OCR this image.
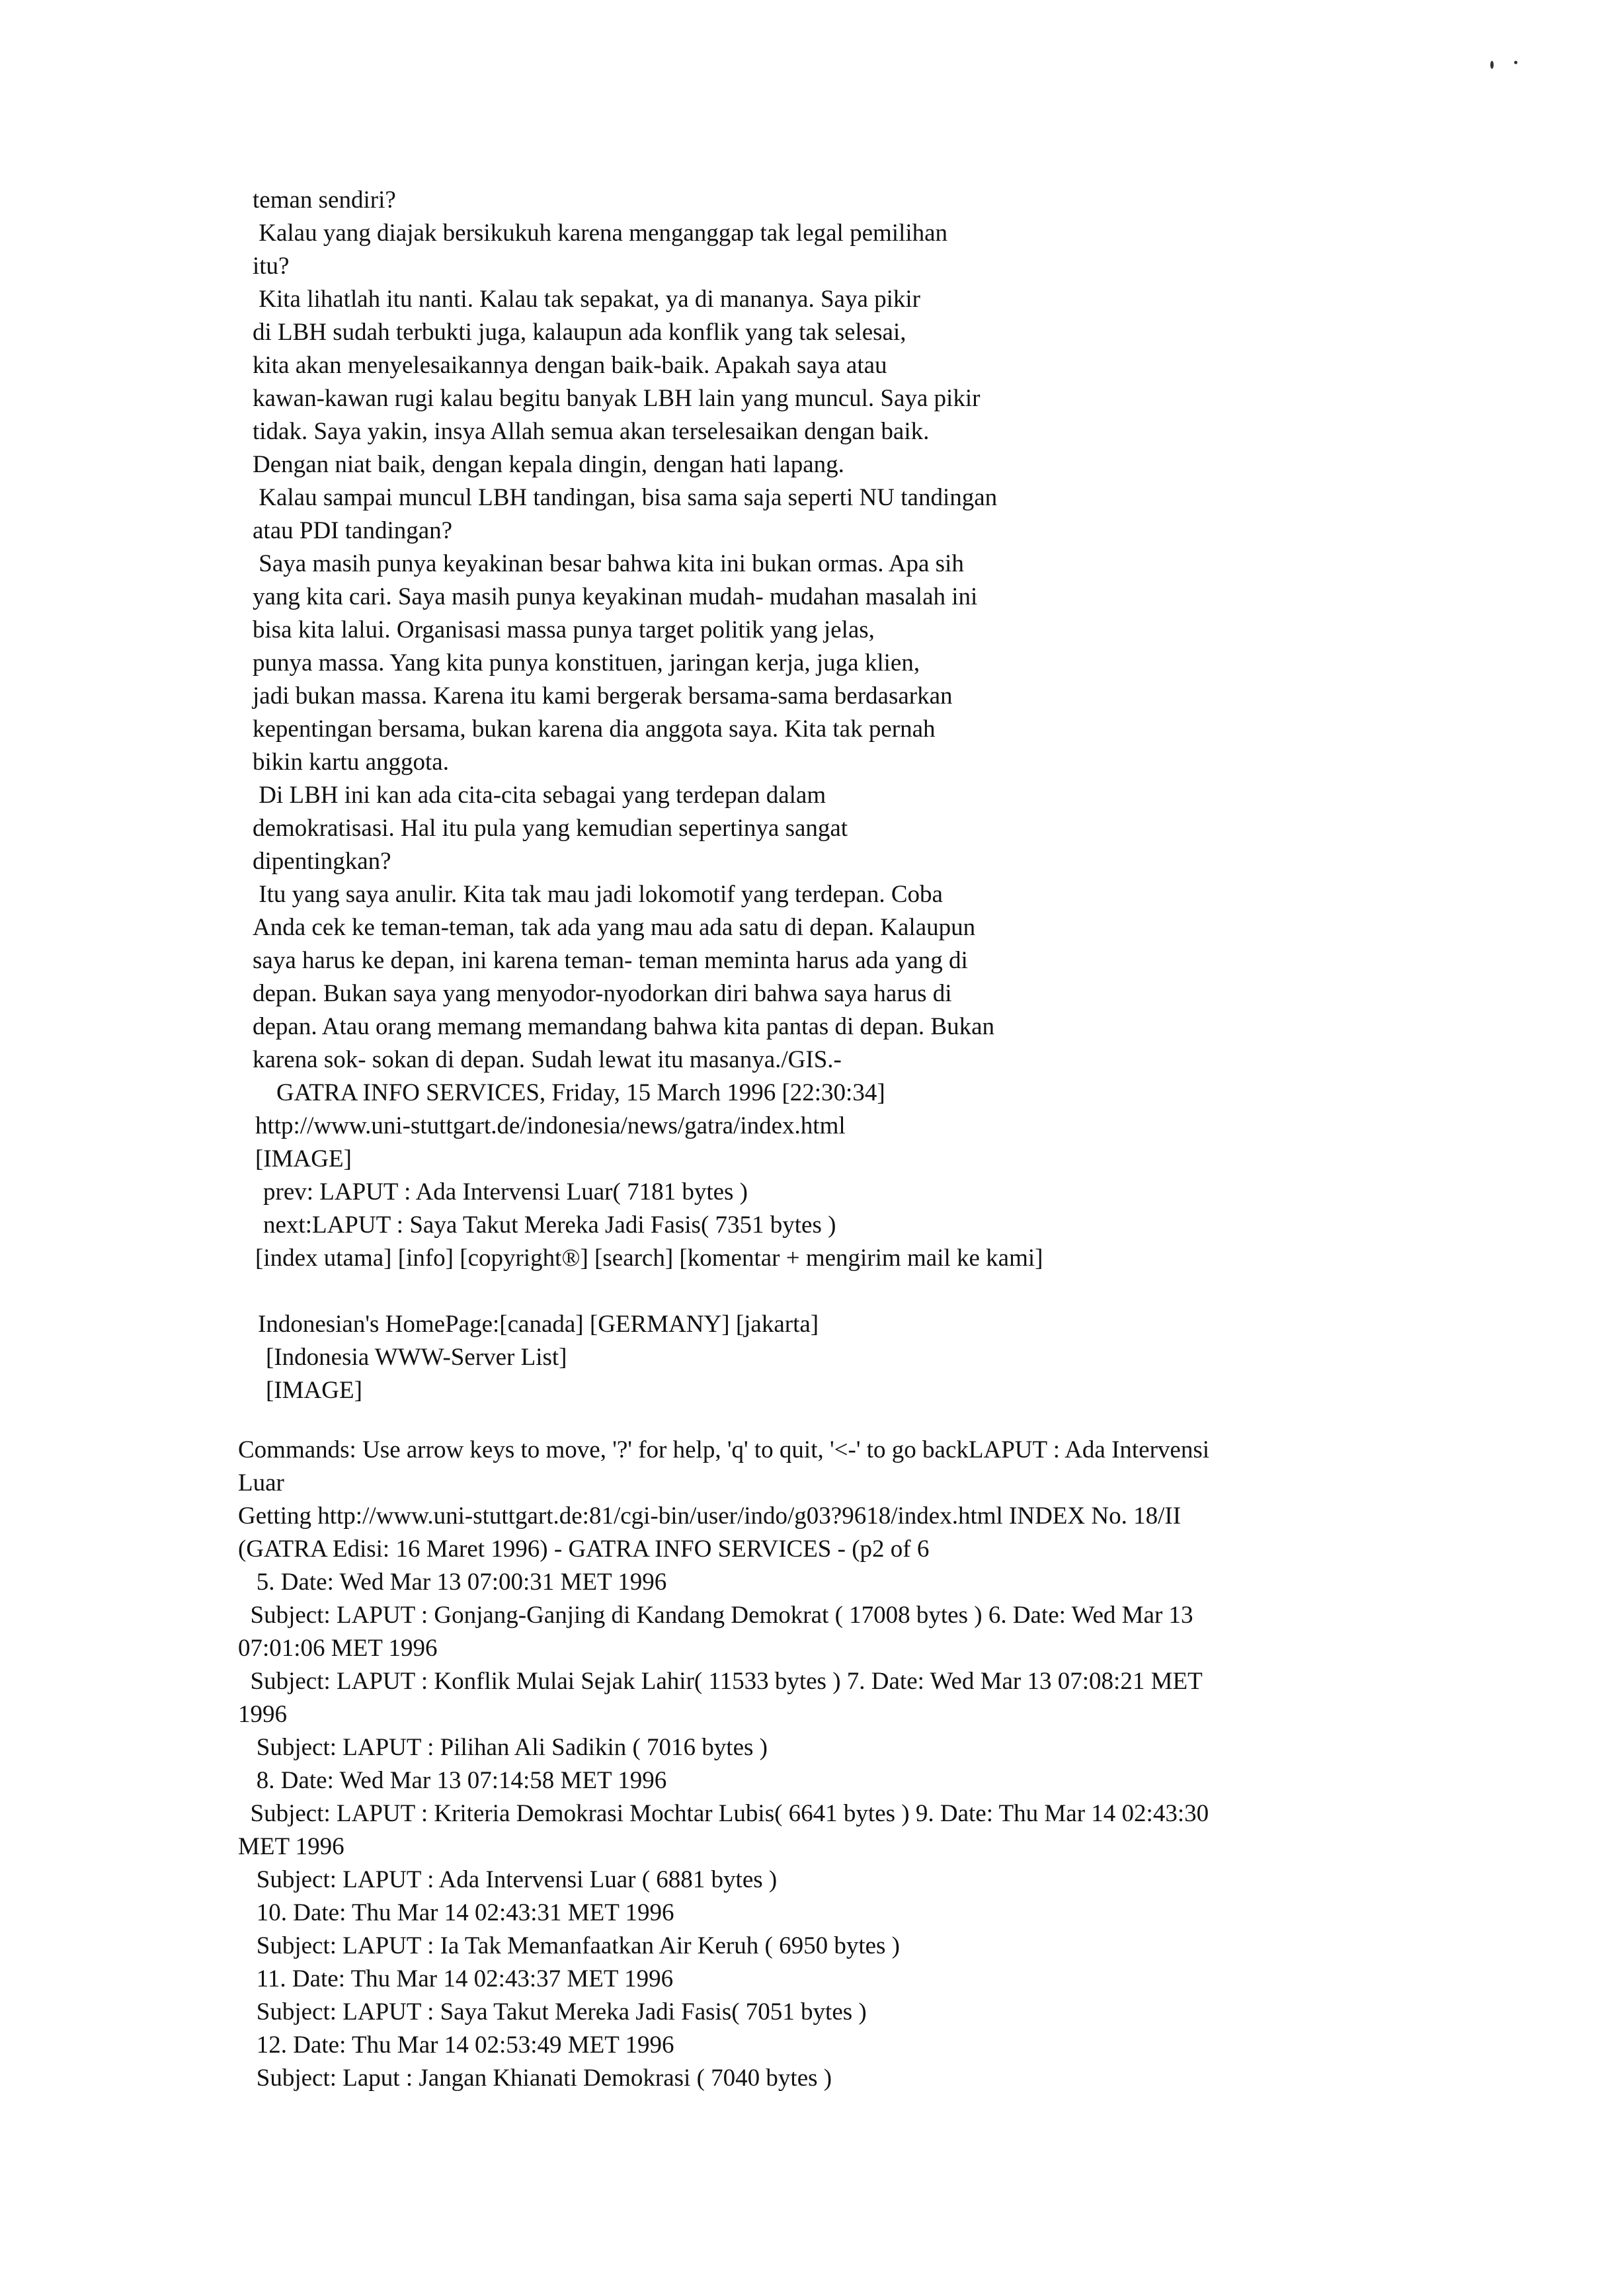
teman sendiri?
Kalau yang diajak bersikukuh karena menganggap tak legal pemilihan
itu?
Kita lihatlah itu nanti. Kalau tak sepakat, ya di mananya. Saya pikir
di LBH sudah terbukti juga, kalaupun ada konflik yang tak selesai,
kita akan menyelesaikannya dengan baik-baik. Apakah saya atau
kawan-kawan rugi kalau begitu banyak LBH lain yang muncul. Saya pikir
tidak. Saya yakin, insya Allah semua akan terselesaikan dengan baik.
Dengan niat baik, dengan kepala dingin, dengan hati lapang.
Kalau sampai muncul LBH tandingan, bisa sama saja seperti NU tandingan
atau PDI tandingan?
Saya masih punya keyakinan besar bahwa kita ini bukan ormas. Apa sih
yang kita cari. Saya masih punya keyakinan mudah- mudahan masalah ini
bisa kita lalui. Organisasi massa punya target politik yang jelas,
punya massa. Yang kita punya konstituen, jaringan kerja, juga klien,
jadi bukan massa. Karena itu kami bergerak bersama-sama berdasarkan
kepentingan bersama, bukan karena dia anggota saya. Kita tak pernah
bikin kartu anggota.
Di LBH ini kan ada cita-cita sebagai yang terdepan dalam
demokratisasi. Hal itu pula yang kemudian sepertinya sangat
dipentingkan?
Itu yang saya anulir. Kita tak mau jadi lokomotif yang terdepan. Coba
Anda cek ke teman-teman, tak ada yang mau ada satu di depan. Kalaupun
saya harus ke depan, ini karena teman- teman meminta harus ada yang di
depan. Bukan saya yang menyodor-nyodorkan diri bahwa saya harus di
depan. Atau orang memang memandang bahwa kita pantas di depan. Bukan
karena sok- sokan di depan. Sudah lewat itu masanya./GIS.-
GATRA INFO SERVICES, Friday, 15 March 1996 [22:30:34]
http://www.uni-stuttgart.de/indonesia/news/gatra/index.html
[IMAGE]
prev: LAPUT : Ada Intervensi Luar( 7181 bytes )
next:LAPUT : Saya Takut Mereka Jadi Fasis( 7351 bytes )
[index utama] [info] [copyright®] [search] [komentar + mengirim mail ke kami]
Indonesian's HomePage:[canada] [GERMANY] [jakarta]
[Indonesia WWW-Server List]
[IMAGE]
Commands: Use arrow keys to move, '?' for help, 'q' to quit, '<-' to go backLAPUT : Ada Intervensi
Luar
Getting http://www.uni-stuttgart.de:81/cgi-bin/user/indo/g03?9618/index.html INDEX No. 18/II
(GATRA Edisi: 16 Maret 1996) - GATRA INFO SERVICES - (p2 of 6
5. Date: Wed Mar 13 07:00:31 MET 1996
Subject: LAPUT : Gonjang-Ganjing di Kandang Demokrat ( 17008 bytes ) 6. Date: Wed Mar 13
07:01:06 MET 1996
Subject: LAPUT : Konflik Mulai Sejak Lahir( 11533 bytes ) 7. Date: Wed Mar 13 07:08:21 MET
1996
Subject: LAPUT : Pilihan Ali Sadikin ( 7016 bytes )
8. Date: Wed Mar 13 07:14:58 MET 1996
Subject: LAPUT : Kriteria Demokrasi Mochtar Lubis( 6641 bytes ) 9. Date: Thu Mar 14 02:43:30
MET 1996
Subject: LAPUT : Ada Intervensi Luar ( 6881 bytes )
10. Date: Thu Mar 14 02:43:31 MET 1996
Subject: LAPUT : Ia Tak Memanfaatkan Air Keruh ( 6950 bytes )
11. Date: Thu Mar 14 02:43:37 MET 1996
Subject: LAPUT : Saya Takut Mereka Jadi Fasis( 7051 bytes )
12. Date: Thu Mar 14 02:53:49 MET 1996
Subject: Laput : Jangan Khianati Demokrasi ( 7040 bytes )
